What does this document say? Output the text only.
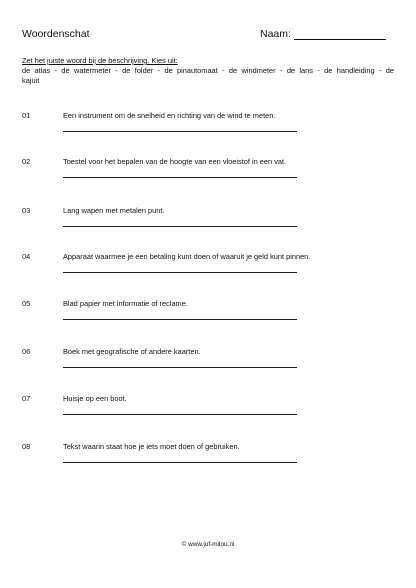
Woordenschat	Naam:
Zet het juiste woord bij de beschrijving. Kies uit:
de atlas - de watermeter - de folder - de pinautomaat - de windmeter - de lans - de handleiding - de kajuit
01	Een instrument om de snelheid en richting van de wind te meten.
02	Toestel voor het bepalen van de hoogte van een vloeistof in een vat.
03	Lang wapen met metalen punt.
04	Apparaat waarmee je een betaling kunt doen of waaruit je geld kunt pinnen.
05	Blad papier met informatie of reclame.
06	Boek met geografische of andere kaarten.
07	Huisje op een boot.
08	Tekst waarin staat hoe je iets moet doen of gebruiken.
© www.juf-milou.nl
